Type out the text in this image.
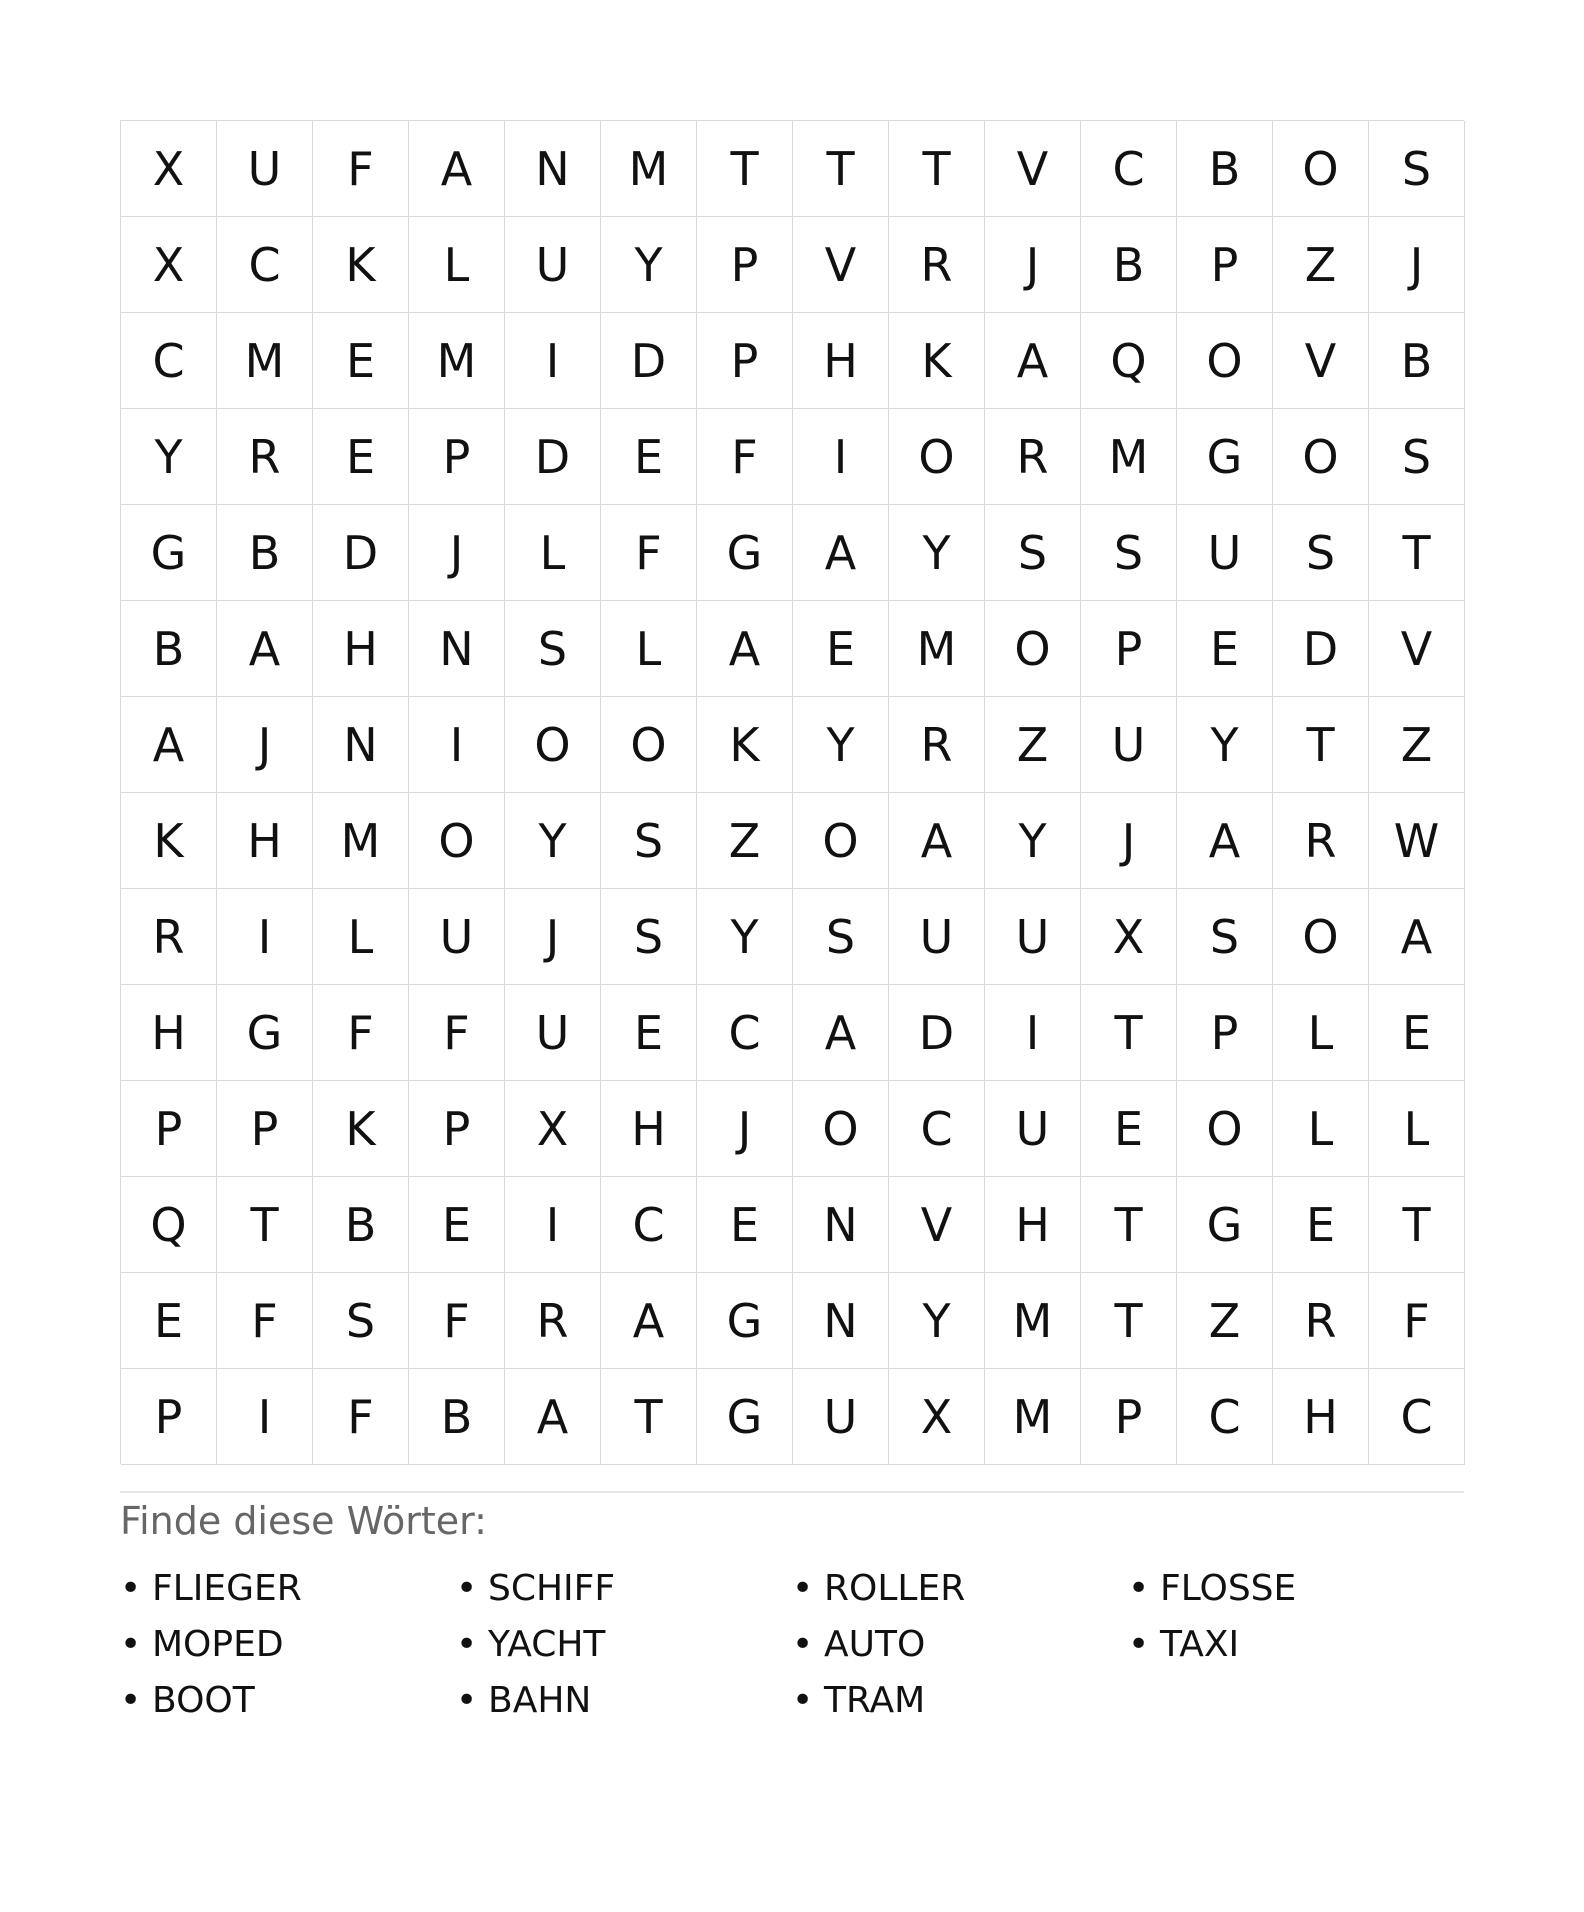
X	U	F	A	N	M	T	T	T	V	C	B	O	S
X	C	K	L	U	Y	P	V	R	J	B	P	Z	J
C	M	E	M	I	D	P	H	K	A	Q	O	V	B
Y	R	E	P	D	E	F	I	O	R	M	G	O	S
G	B	D	J	L	F	G	A	Y	S	S	U	S	T
B	A	H	N	S	L	A	E	M	O	P	E	D	V
A	J	N	I	O	O	K	Y	R	Z	U	Y	T	Z
K	H	M	O	Y	S	Z	O	A	Y	J	A	R	W
R	I	L	U	J	S	Y	S	U	U	X	S	O	A
H	G	F	F	U	E	C	A	D	I	T	P	L	E
P	P	K	P	X	H	J	O	C	U	E	O	L	L
Q	T	B	E	I	C	E	N	V	H	T	G	E	T
E	F	S	F	R	A	G	N	Y	M	T	Z	R	F
P	I	F	B	A	T	G	U	X	M	P	C	H	C
Finde diese Wörter:
• FLIEGER	• SCHIFF	• ROLLER	• FLOSSE
• MOPED	• YACHT	• AUTO	• TAXI
• BOOT	• BAHN	• TRAM
